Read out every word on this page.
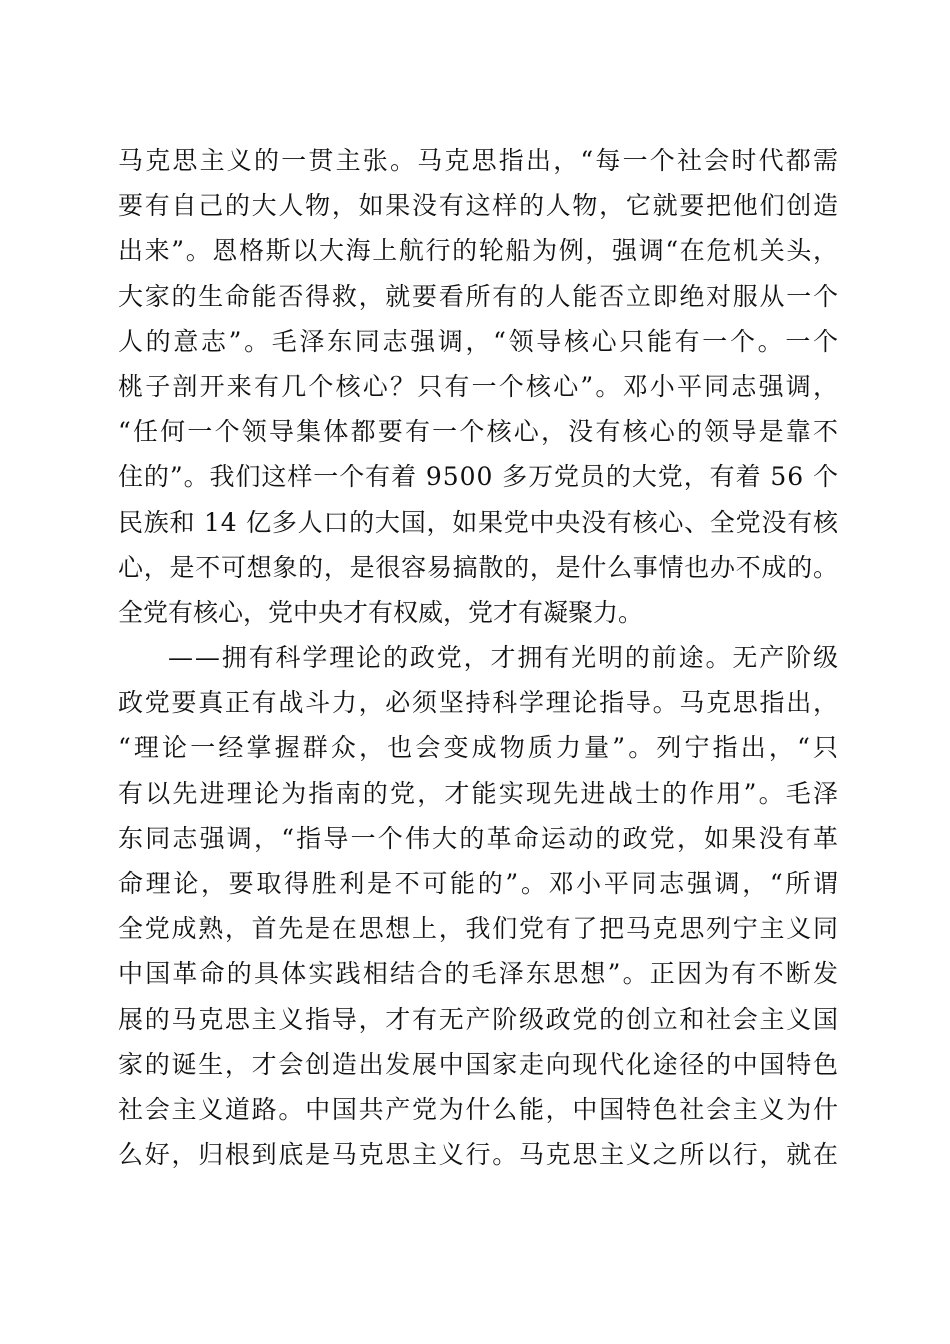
马克思主义的一贯主张。马克思指出，“每一个社会时代都需
要有自己的大人物，如果没有这样的人物，它就要把他们创造
出来”。恩格斯以大海上航行的轮船为例，强调“在危机关头，
大家的生命能否得救，就要看所有的人能否立即绝对服从一个
人的意志”。毛泽东同志强调，“领导核心只能有一个。一个
桃子剖开来有几个核心？只有一个核心”。邓小平同志强调，
“任何一个领导集体都要有一个核心，没有核心的领导是靠不
住的”。我们这样一个有着 9500 多万党员的大党，有着 56 个
民族和 14 亿多人口的大国，如果党中央没有核心、全党没有核
心，是不可想象的，是很容易搞散的，是什么事情也办不成的。
全党有核心，党中央才有权威，党才有凝聚力。
——拥有科学理论的政党，才拥有光明的前途。无产阶级
政党要真正有战斗力，必须坚持科学理论指导。马克思指出，
“理论一经掌握群众，也会变成物质力量”。列宁指出，“只
有以先进理论为指南的党，才能实现先进战士的作用”。毛泽
东同志强调，“指导一个伟大的革命运动的政党，如果没有革
命理论，要取得胜利是不可能的”。邓小平同志强调，“所谓
全党成熟，首先是在思想上，我们党有了把马克思列宁主义同
中国革命的具体实践相结合的毛泽东思想”。正因为有不断发
展的马克思主义指导，才有无产阶级政党的创立和社会主义国
家的诞生，才会创造出发展中国家走向现代化途径的中国特色
社会主义道路。中国共产党为什么能，中国特色社会主义为什
么好，归根到底是马克思主义行。马克思主义之所以行，就在
